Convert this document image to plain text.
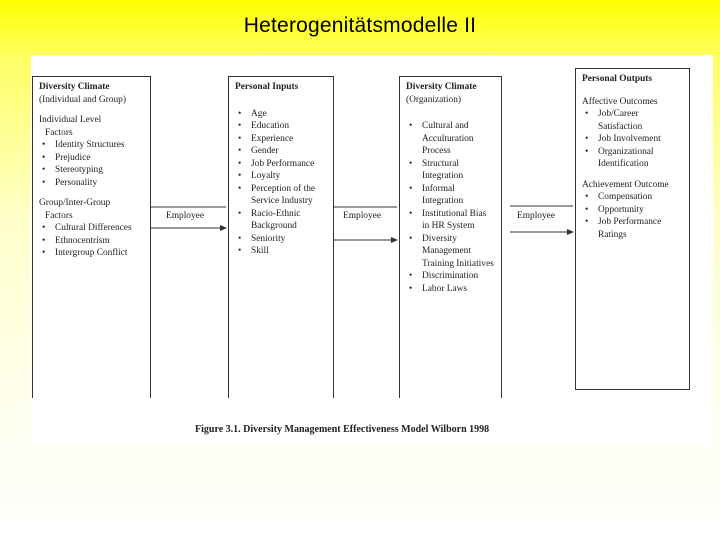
Heterogenitätsmodelle II
Diversity Climate
(Individual and Group)
Individual Level
Factors
• Identity Structures
• Prejudice
• Stereotyping
• Personality
Group/Inter-Group
Factors
• Cultural Differences
• Ethnocentrism
• Intergroup Conflict
Personal Inputs
• Age
• Education
• Experience
• Gender
• Job Performance
• Loyalty
• Perception of the Service Industry
• Racio-Ethnic Background
• Seniority
• Skill
Diversity Climate
(Organization)
• Cultural and Acculturation Process
• Structural Integration
• Informal Integration
• Institutional Bias in HR System
• Diversity Management Training Initiatives
• Discrimination
• Labor Laws
Personal Outputs
Affective Outcomes
• Job/Career Satisfaction
• Job Involvement
• Organizational Identification
Achievement Outcome
• Compensation
• Opportunity
• Job Performance Ratings
Employee	Employee	Employee
Figure 3.1. Diversity Management Effectiveness Model Wilborn 1998
